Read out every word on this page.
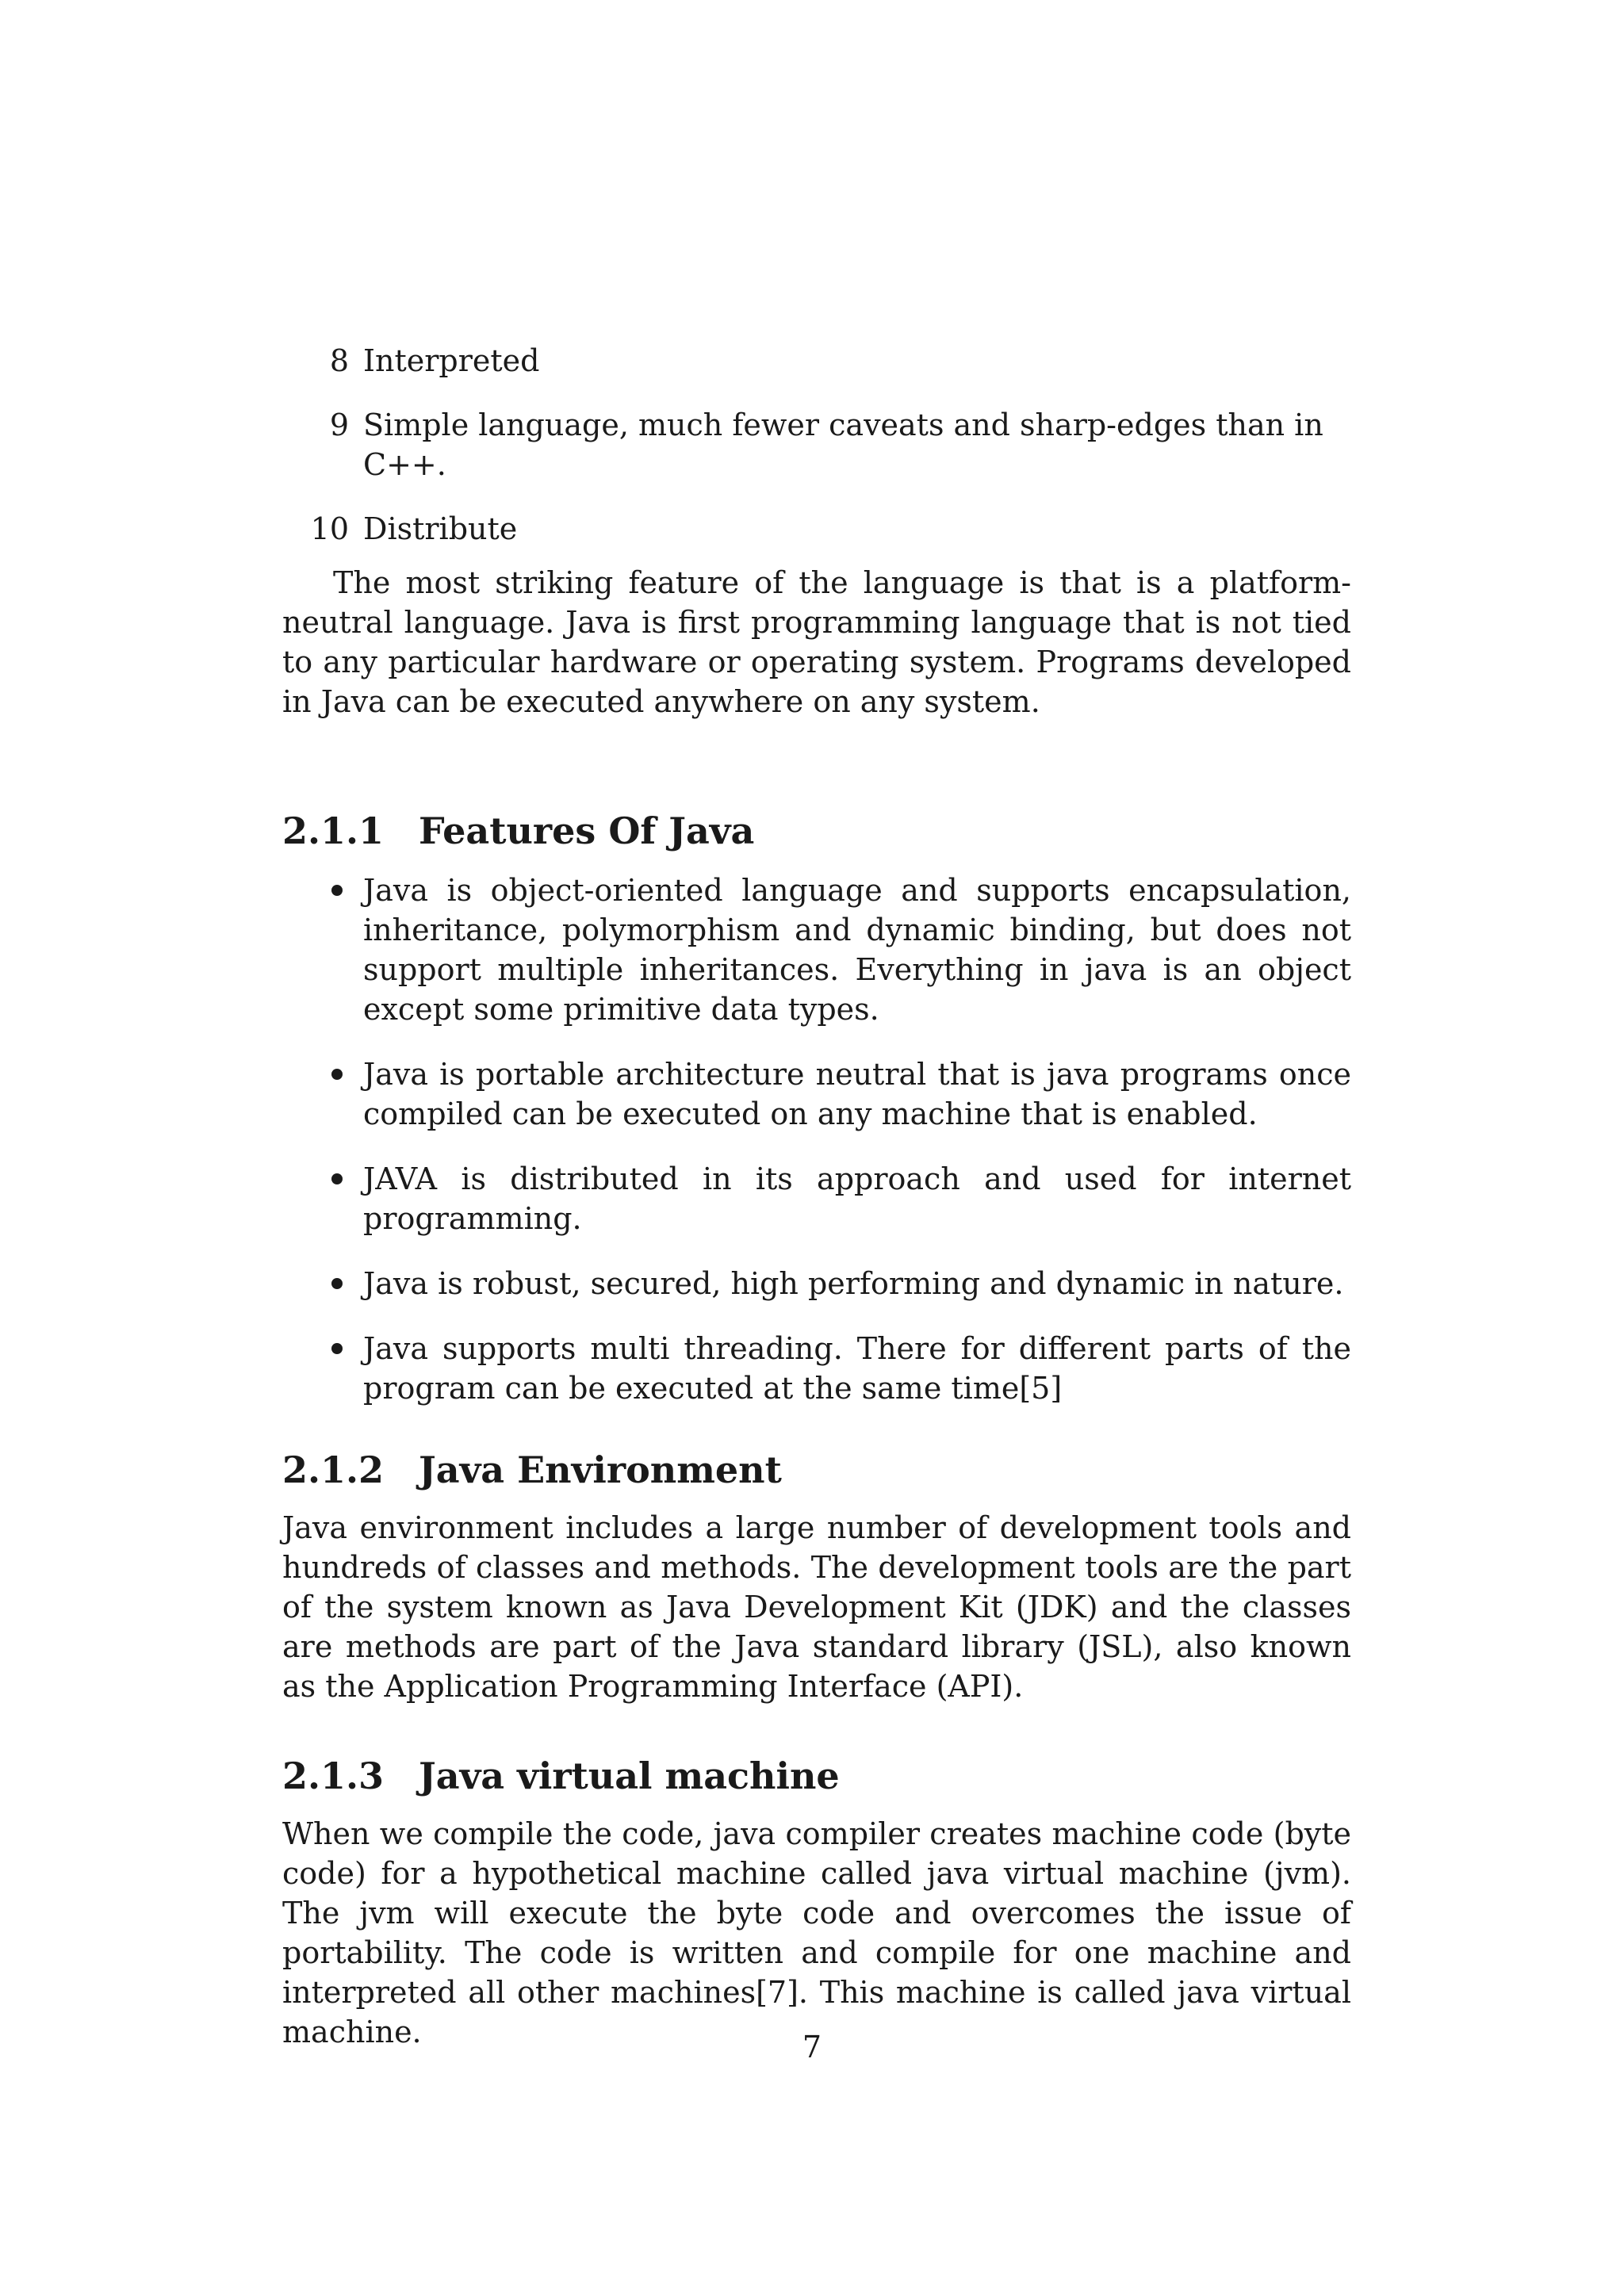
8 Interpreted
9 Simple language, much fewer caveats and sharp-edges than in C++.
10 Distribute

The most striking feature of the language is that is a platform-neutral language. Java is first programming language that is not tied to any particular hardware or operating system. Programs developed in Java can be executed anywhere on any system.

2.1.1 Features Of Java
Java is object-oriented language and supports encapsulation, inheritance, polymorphism and dynamic binding, but does not support multiple inheritances. Everything in java is an object except some primitive data types.
Java is portable architecture neutral that is java programs once compiled can be executed on any machine that is enabled.
JAVA is distributed in its approach and used for internet programming.
Java is robust, secured, high performing and dynamic in nature.
Java supports multi threading. There for different parts of the program can be executed at the same time[5]
2.1.2 Java Environment

Java environment includes a large number of development tools and hundreds of classes and methods. The development tools are the part of the system known as Java Development Kit (JDK) and the classes are methods are part of the Java standard library (JSL), also known as the Application Programming Interface (API).

2.1.3 Java virtual machine

When we compile the code, java compiler creates machine code (byte code) for a hypothetical machine called java virtual machine (jvm). The jvm will execute the byte code and overcomes the issue of portability. The code is written and compile for one machine and interpreted all other machines[7]. This machine is called java virtual machine.	7
